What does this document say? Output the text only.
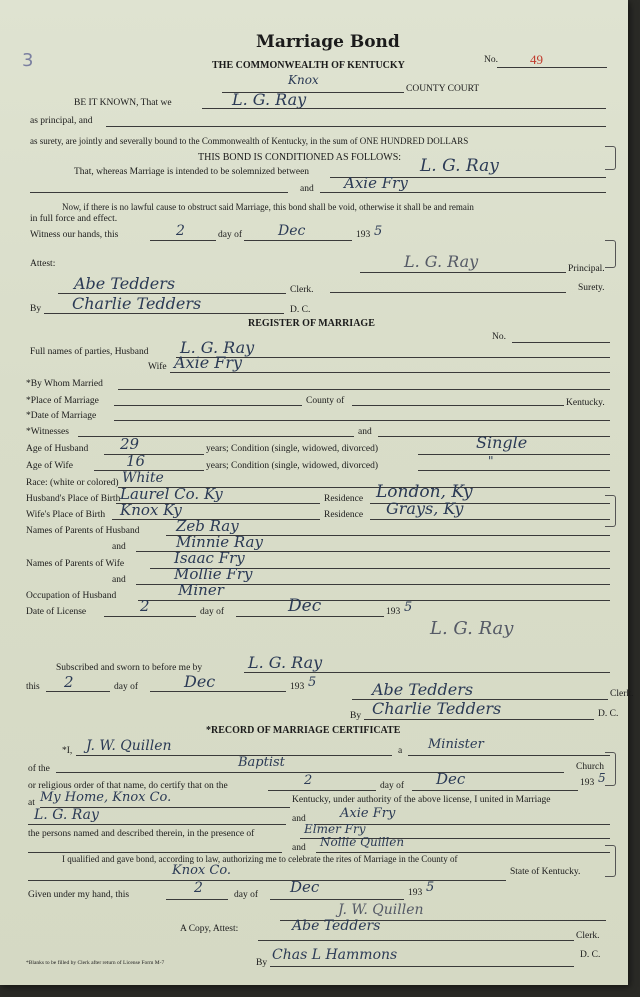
3
Marriage Bond
No. 49
THE COMMONWEALTH OF KENTUCKY
Knox
COUNTY COURT
BE IT KNOWN, That we	L. G. Ray
as principal, and
as surety, are jointly and severally bound to the Commonwealth of Kentucky, in the sum of ONE HUNDRED DOLLARS
THIS BOND IS CONDITIONED AS FOLLOWS:
That, whereas Marriage is intended to be solemnized between	L. G. Ray
and Axie Fry
Now, if there is no lawful cause to obstruct said Marriage, this bond shall be void, otherwise it shall be and remain
in full force and effect.
Witness our hands, this	2	day of	Dec	193 5
Attest:	L. G. Ray	Principal.
Abe Tedders	Clerk.	Surety.
By Charlie Tedders	D. C.
REGISTER OF MARRIAGE
No.
Full names of parties, Husband L. G. Ray
Wife Axie Fry
*By Whom Married
*Place of Marriage	County of	Kentucky.
*Date of Marriage
*Witnesses	and
Age of Husband 29	years; Condition (single, widowed, divorced)	Single
Age of Wife	16	years; Condition (single, widowed, divorced)	"
Race: (white or colored) White
Husband's Place of Birth Laurel Co. Ky	Residence London, Ky
Wife's Place of Birth Knox Ky	Residence Grays, Ky
Names of Parents of Husband Zeb Ray
and	Minnie Ray
Names of Parents of Wife	Isaac Fry
and	Mollie Fry
Occupation of Husband	Miner
Date of License	2	day of	Dec	193 5
L. G. Ray
Subscribed and sworn to before me by	L. G. Ray
this 2	day of	Dec	193 5	Abe Tedders	Clerk.
By Charlie Tedders	D. C.
*RECORD OF MARRIAGE CERTIFICATE
*I, J. W. Quillen	a Minister
of the	Baptist	Church
or religious order of that name, do certify that on the	2	day of Dec	193 5
at My Home, Knox Co.	Kentucky, under authority of the above license, I united in Marriage
L. G. Ray	and	Axie Fry
the persons named and described therein, in the presence of	Elmer Fry
and Nollie Quillen
I qualified and gave bond, according to law, authorizing me to celebrate the rites of Marriage in the County of
Knox Co.	State of Kentucky.
Given under my hand, this	2	day of Dec	193 5
J. W. Quillen
A Copy, Attest:	Abe Tedders
Clerk.
By Chas L Hammons	D. C.
*Blanks to be filled by Clerk after return of License Form M-7
